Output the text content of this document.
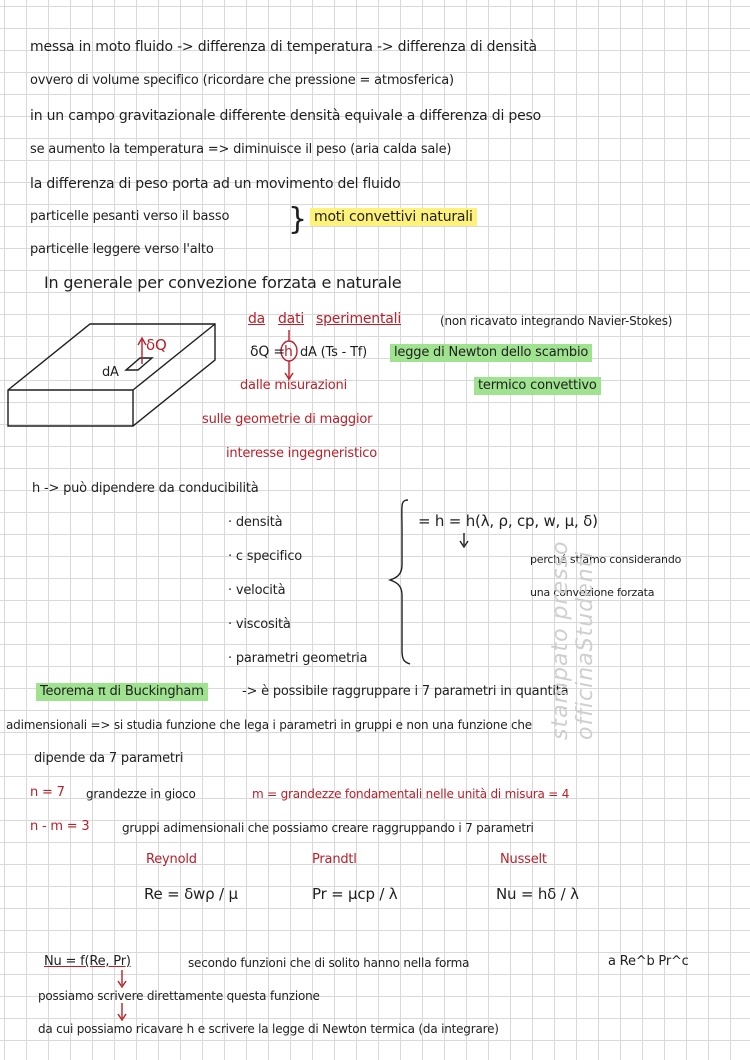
messa in moto fluido -> differenza di temperatura -> differenza di densità
ovvero di volume specifico (ricordare che pressione = atmosferica)
in un campo gravitazionale differente densità equivale a differenza di peso
se aumento la temperatura => diminuisce il peso (aria calda sale)
la differenza di peso porta ad un movimento del fluido
particelle pesanti verso il basso
particelle leggere verso l'alto
} moti convettivi naturali
In generale per convezione forzata e naturale
δQ
dA
da dati sperimentali	(non ricavato integrando Navier-Stokes)
δQ = h dA (Ts - Tf)	legge di Newton dello scambio
dalle misurazioni	termico convettivo
sulle geometrie di maggior
interesse ingegneristico
h -> può dipendere da conducibilità
· densità
· c specifico
· velocità
· viscosità
· parametri geometria
= h = h(λ, ρ, cp, w, μ, δ)
perché stiamo considerando
una convezione forzata
Teorema π di Buckingham	-> è possibile raggruppare i 7 parametri in quantità
adimensionali => si studia funzione che lega i parametri in gruppi e non una funzione che
dipende da 7 parametri
n = 7 grandezze in gioco	m = grandezze fondamentali nelle unità di misura = 4
n - m = 3	gruppi adimensionali che possiamo creare raggruppando i 7 parametri
Reynold
Re = δwρ / μ
Prandtl
Pr = μcp / λ
Nusselt
Nu = hδ / λ
Nu = f(Re, Pr)	secondo funzioni che di solito hanno nella forma	a Re^b Pr^c
possiamo scrivere direttamente questa funzione
da cui possiamo ricavare h e scrivere la legge di Newton termica (da integrare)
stampato presso officinaStudenti
